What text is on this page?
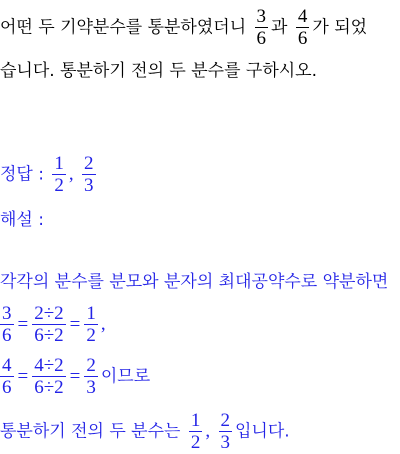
어떤 두 기약분수를 통분하였더니 $\frac{3}{6}$ 과 $\frac{4}{6}$ 가 되었
습니다. 통분하기 전의 두 분수를 구하시오.
정답 : $\frac{1}{2}$ , $\frac{2}{3}$
해설 :
각각의 분수를 분모와 분자의 최대공약수로 약분하면
$\frac{3}{6} = \frac{2\div 2}{6\div 2} = \frac{1}{2}$ ,
$\frac{4}{6} = \frac{4\div 2}{6\div 2} = \frac{2}{3}$ 이므로
통분하기 전의 두 분수는 $\frac{1}{2}$ , $\frac{2}{3}$ 입니다.
